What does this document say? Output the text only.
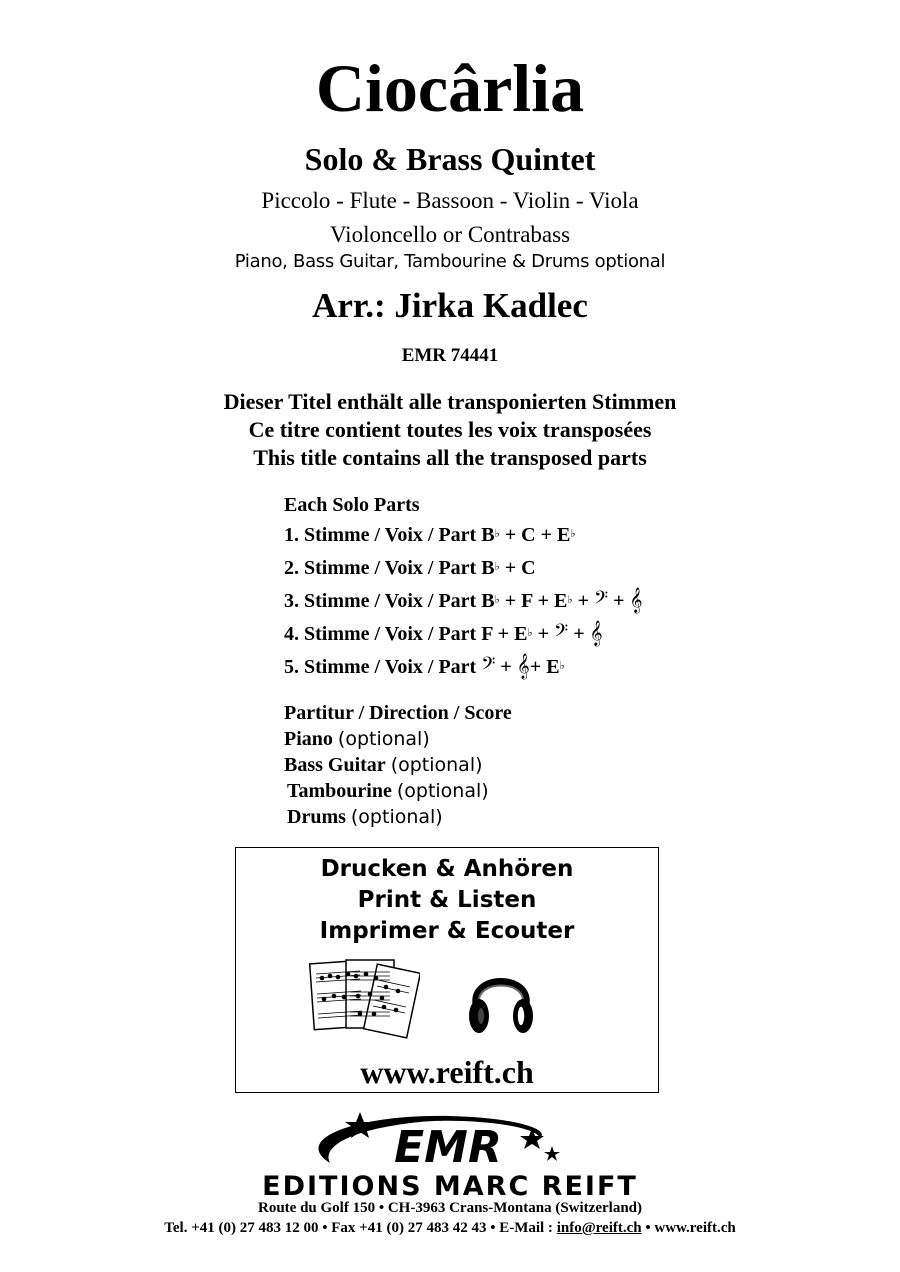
Ciocârlia
Solo & Brass Quintet
Piccolo - Flute - Bassoon - Violin - Viola
Violoncello or Contrabass
Piano, Bass Guitar, Tambourine & Drums optional
Arr.: Jirka Kadlec
EMR 74441
Dieser Titel enthält alle transponierten Stimmen
Ce titre contient toutes les voix transposées
This title contains all the transposed parts
Each Solo Parts
1. Stimme / Voix / Part B♭ + C + E♭
2. Stimme / Voix / Part B♭ + C
3. Stimme / Voix / Part B♭ + F + E♭ + 𝄢 + 𝄞
4. Stimme / Voix / Part F + E♭ + 𝄢 + 𝄞
5. Stimme / Voix / Part 𝄢 + 𝄞+ E♭
Partitur / Direction / Score
Piano (optional)
Bass Guitar (optional)
Tambourine (optional)
Drums (optional)
Drucken & Anhören
Print & Listen
Imprimer & Ecouter
www.reift.ch
EMR
EDITIONS MARC REIFT
Route du Golf 150 • CH-3963 Crans-Montana (Switzerland)
Tel. +41 (0) 27 483 12 00 • Fax +41 (0) 27 483 42 43 • E-Mail : info@reift.ch • www.reift.ch
